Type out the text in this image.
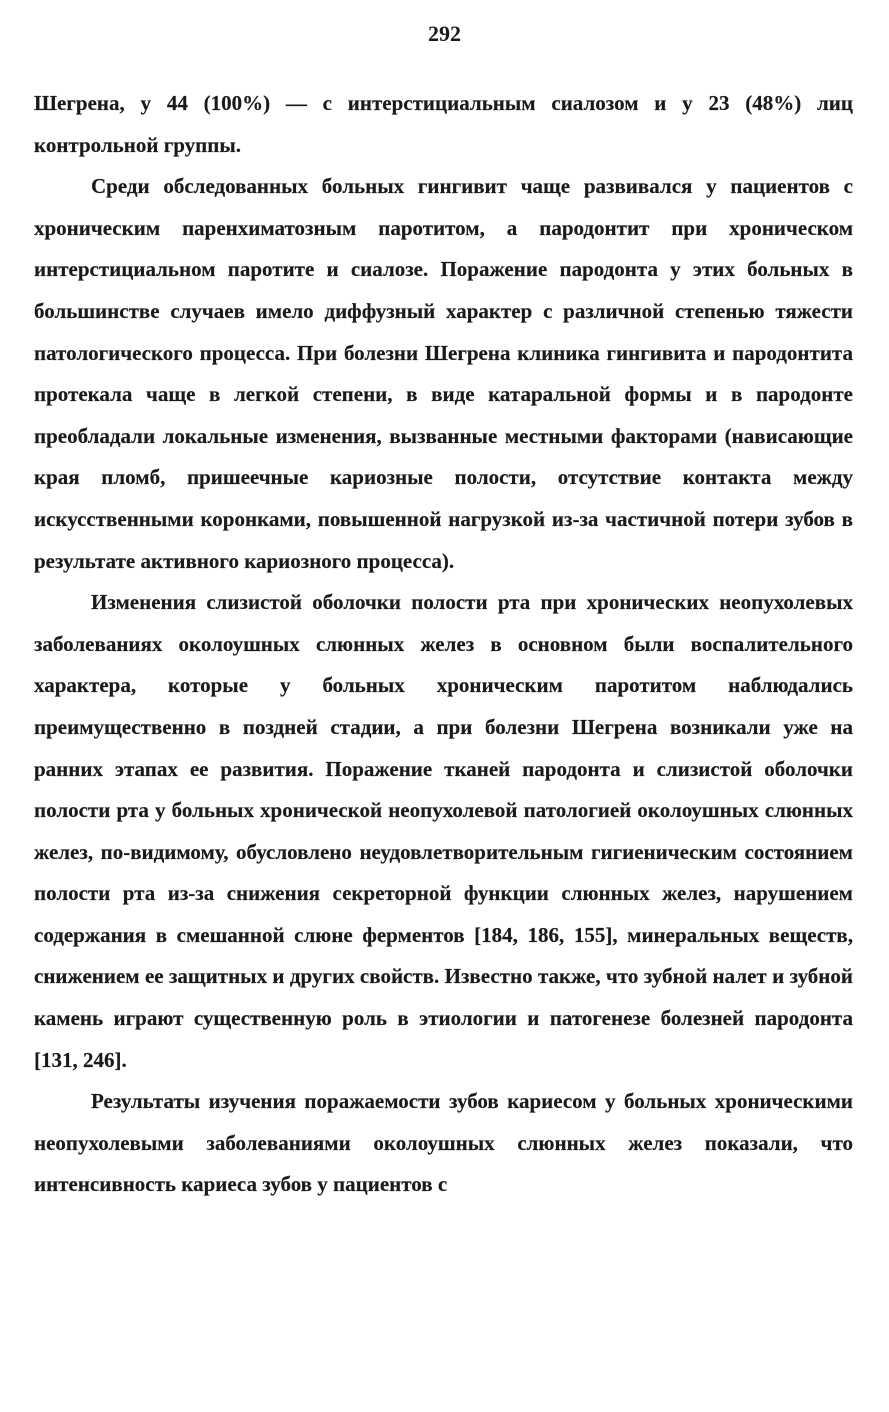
292

Шегрена, у 44 (100%) — с интерстициальным сиалозом и у 23 (48%) лиц контрольной группы.

Среди обследованных больных гингивит чаще развивался у пациентов с хроническим паренхиматозным паротитом, а пародонтит при хроническом интерстициальном паротите и сиалозе. Поражение пародонта у этих больных в большинстве случаев имело диффузный характер с различной степенью тяжести патологического процесса. При болезни Шегрена клиника гингивита и пародонтита протекала чаще в легкой степени, в виде катаральной формы и в пародонте преобладали локальные изменения, вызванные местными факторами (нависающие края пломб, пришеечные кариозные полости, отсутствие контакта между искусственными коронками, повышенной нагрузкой из-за частичной потери зубов в результате активного кариозного процесса).

Изменения слизистой оболочки полости рта при хронических неопухолевых заболеваниях околоушных слюнных желез в основном были воспалительного характера, которые у больных хроническим паротитом наблюдались преимущественно в поздней стадии, а при болезни Шегрена возникали уже на ранних этапах ее развития. Поражение тканей пародонта и слизистой оболочки полости рта у больных хронической неопухолевой патологией околоушных слюнных желез, по-видимому, обусловлено неудовлетворительным гигиеническим состоянием полости рта из-за снижения секреторной функции слюнных желез, нарушением содержания в смешанной слюне ферментов [184, 186, 155], минеральных веществ, снижением ее защитных и других свойств. Известно также, что зубной налет и зубной камень играют существенную роль в этиологии и патогенезе болезней пародонта [131, 246].

Результаты изучения поражаемости зубов кариесом у больных хроническими неопухолевыми заболеваниями околоушных слюнных желез показали, что интенсивность кариеса зубов у пациентов с
